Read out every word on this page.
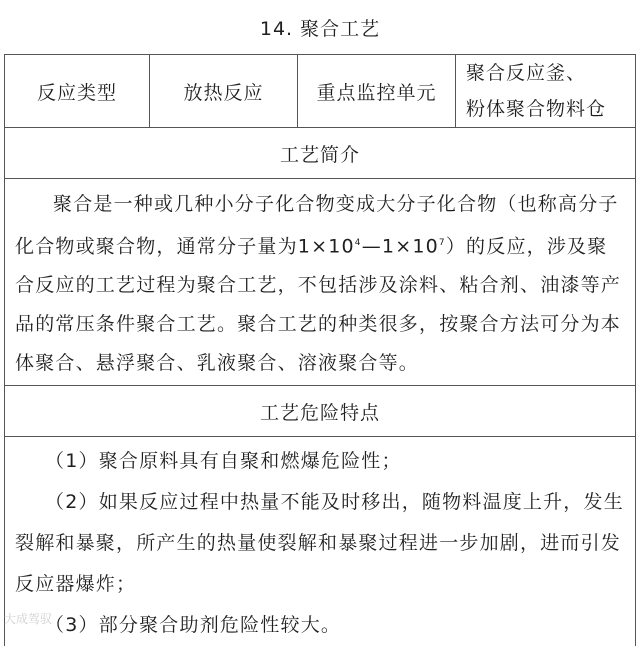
14. 聚合工艺
反应类型	放热反应	重点监控单元
聚合反应釜、
粉体聚合物料仓
工艺简介

聚合是一种或几种小分子化合物变成大分子化合物（也称高分子化合物或聚合物，通常分子量为$1\times 10^4—1\times 10^7$）的反应，涉及聚合反应的工艺过程为聚合工艺，不包括涉及涂料、粘合剂、油漆等产品的常压条件聚合工艺。聚合工艺的种类很多，按聚合方法可分为本体聚合、悬浮聚合、乳液聚合、溶液聚合等。

工艺危险特点

（1）聚合原料具有自聚和燃爆危险性；

（2）如果反应过程中热量不能及时移出，随物料温度上升，发生裂解和暴聚，所产生的热量使裂解和暴聚过程进一步加剧，进而引发反应器爆炸；

（3）部分聚合助剂危险性较大。

大成驾驭
